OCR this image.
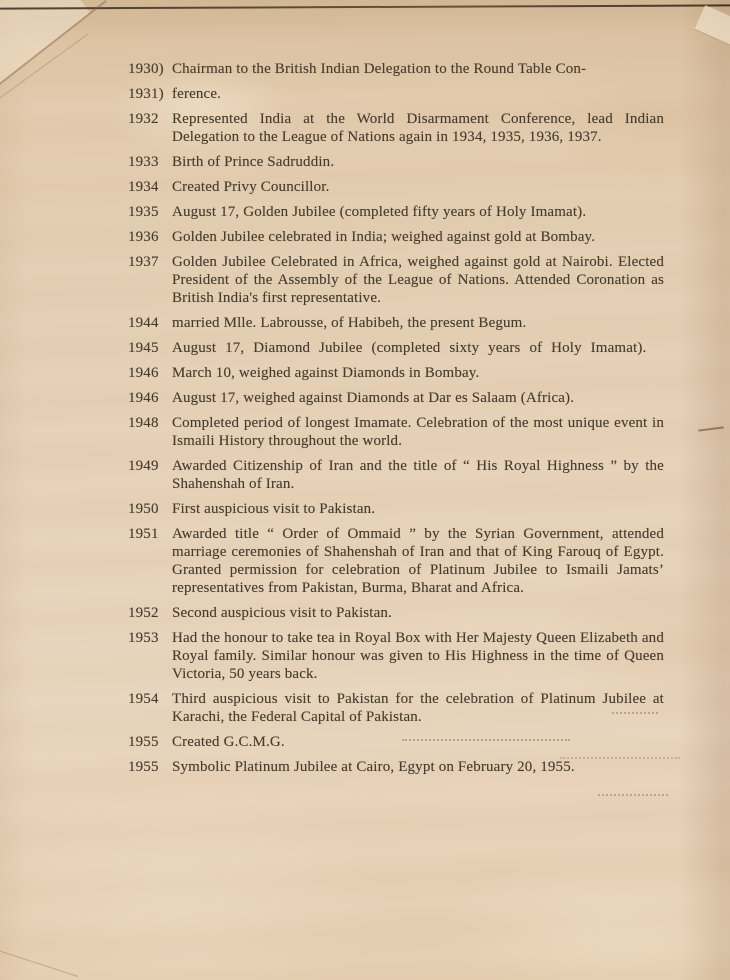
1930) Chairman to the British Indian Delegation to the Round Table Con-
1931) ference.
1932 Represented India at the World Disarmament Conference, lead Indian Delegation to the League of Nations again in 1934, 1935, 1936, 1937.
1933 Birth of Prince Sadruddin.
1934 Created Privy Councillor.
1935 August 17, Golden Jubilee (completed fifty years of Holy Imamat).
1936 Golden Jubilee celebrated in India; weighed against gold at Bombay.
1937 Golden Jubilee Celebrated in Africa, weighed against gold at Nairobi. Elected President of the Assembly of the League of Nations. Attended Coronation as British India's first representative.
1944 married Mlle. Labrousse, of Habibeh, the present Begum.
1945 August 17, Diamond Jubilee (completed sixty years of Holy Imamat).
1946 March 10, weighed against Diamonds in Bombay.
1946 August 17, weighed against Diamonds at Dar es Salaam (Africa).
1948 Completed period of longest Imamate. Celebration of the most unique event in Ismaili History throughout the world.
1949 Awarded Citizenship of Iran and the title of “ His Royal Highness ” by the Shahenshah of Iran.
1950 First auspicious visit to Pakistan.
1951 Awarded title “ Order of Ommaid ” by the Syrian Government, attended marriage ceremonies of Shahenshah of Iran and that of King Farouq of Egypt. Granted permission for celebration of Platinum Jubilee to Ismaili Jamats’ representatives from Pakistan, Burma, Bharat and Africa.
1952 Second auspicious visit to Pakistan.
1953 Had the honour to take tea in Royal Box with Her Majesty Queen Elizabeth and Royal family. Similar honour was given to His Highness in the time of Queen Victoria, 50 years back.
1954 Third auspicious visit to Pakistan for the celebration of Platinum Jubilee at Karachi, the Federal Capital of Pakistan.
1955 Created G.C.M.G.
1955 Symbolic Platinum Jubilee at Cairo, Egypt on February 20, 1955.
